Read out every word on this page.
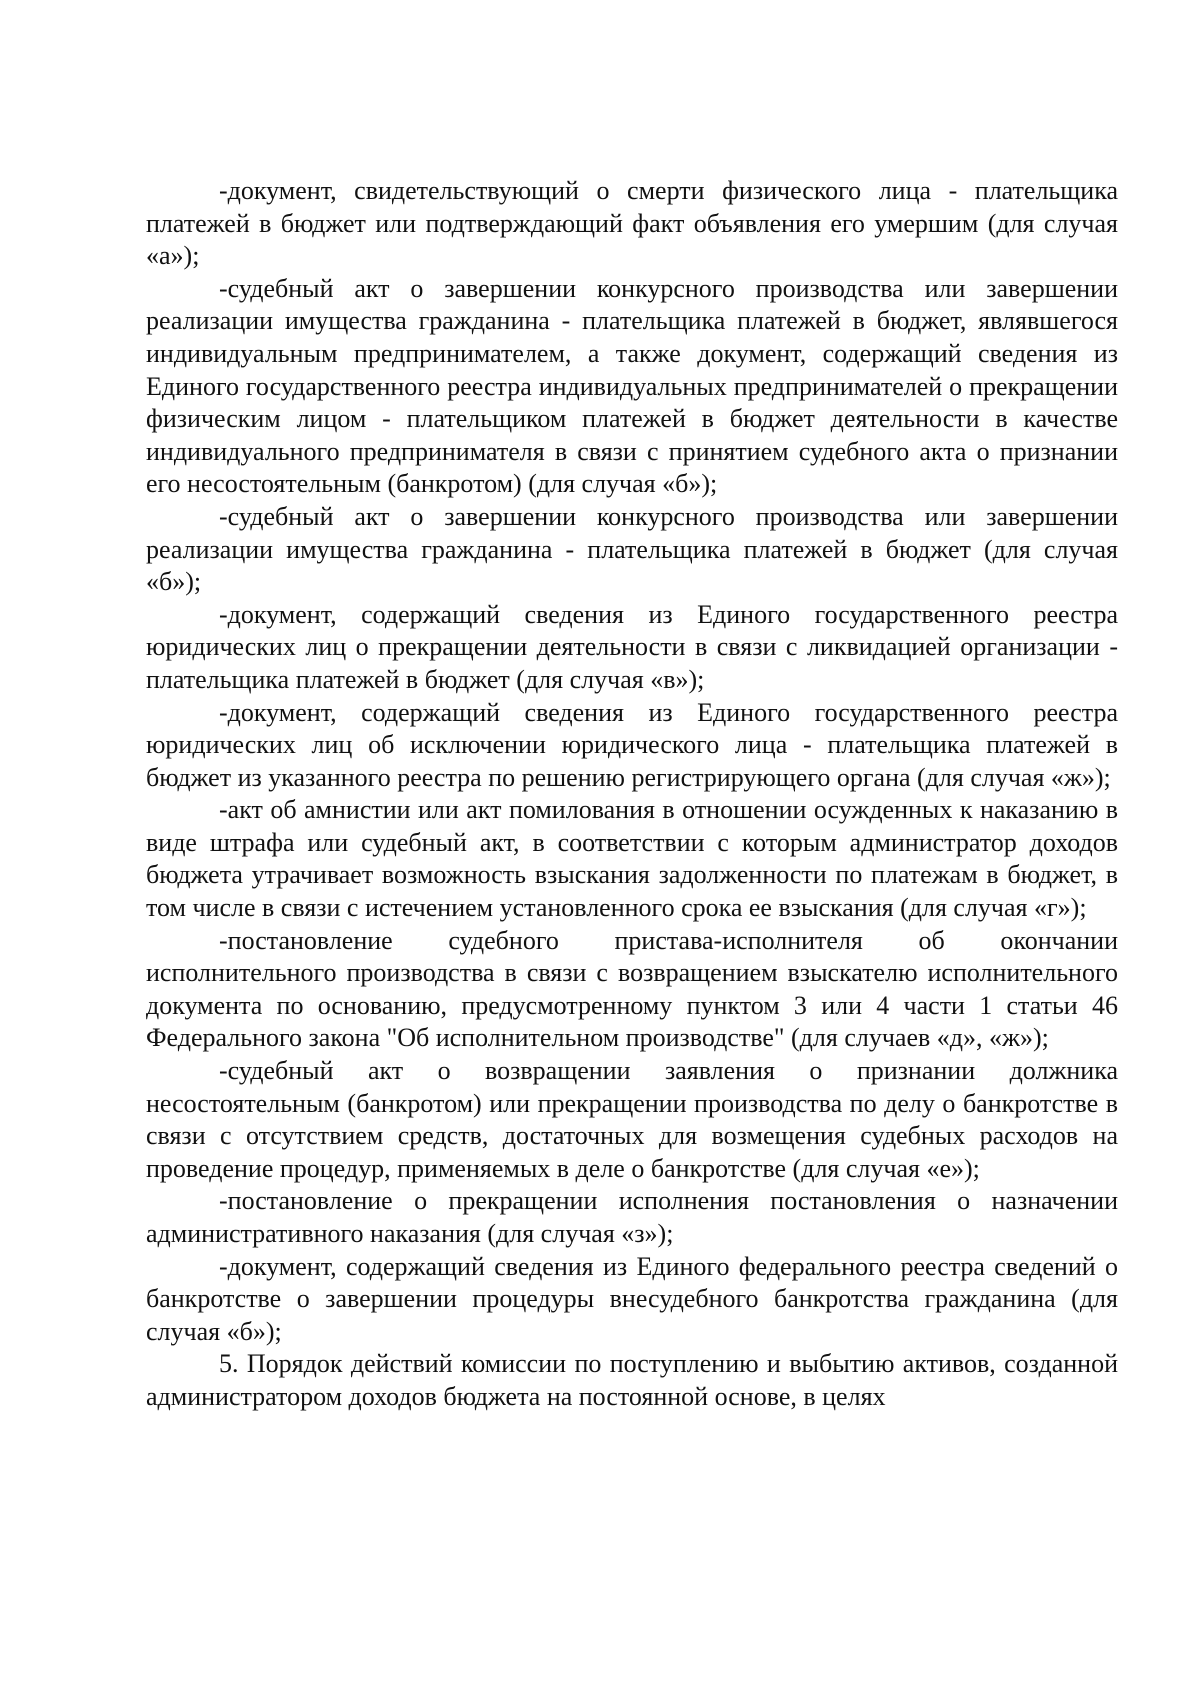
-документ, свидетельствующий о смерти физического лица - плательщика платежей в бюджет или подтверждающий факт объявления его умершим (для случая «а»);

-судебный акт о завершении конкурсного производства или завершении реализации имущества гражданина - плательщика платежей в бюджет, являвшегося индивидуальным предпринимателем, а также документ, содержащий сведения из Единого государственного реестра индивидуальных предпринимателей о прекращении физическим лицом - плательщиком платежей в бюджет деятельности в качестве индивидуального предпринимателя в связи с принятием судебного акта о признании его несостоятельным (банкротом) (для случая «б»);

-судебный акт о завершении конкурсного производства или завершении реализации имущества гражданина - плательщика платежей в бюджет (для случая «б»);

-документ, содержащий сведения из Единого государственного реестра юридических лиц о прекращении деятельности в связи с ликвидацией организации - плательщика платежей в бюджет (для случая «в»);

-документ, содержащий сведения из Единого государственного реестра юридических лиц об исключении юридического лица - плательщика платежей в бюджет из указанного реестра по решению регистрирующего органа (для случая «ж»);

-акт об амнистии или акт помилования в отношении осужденных к наказанию в виде штрафа или судебный акт, в соответствии с которым администратор доходов бюджета утрачивает возможность взыскания задолженности по платежам в бюджет, в том числе в связи с истечением установленного срока ее взыскания (для случая «г»);

-постановление судебного пристава-исполнителя об окончании исполнительного производства в связи с возвращением взыскателю исполнительного документа по основанию, предусмотренному пунктом 3 или 4 части 1 статьи 46 Федерального закона "Об исполнительном производстве" (для случаев «д», «ж»);

-судебный акт о возвращении заявления о признании должника несостоятельным (банкротом) или прекращении производства по делу о банкротстве в связи с отсутствием средств, достаточных для возмещения судебных расходов на проведение процедур, применяемых в деле о банкротстве (для случая «е»);

-постановление о прекращении исполнения постановления о назначении административного наказания (для случая «з»);

-документ, содержащий сведения из Единого федерального реестра сведений о банкротстве о завершении процедуры внесудебного банкротства гражданина (для случая «б»);

5. Порядок действий комиссии по поступлению и выбытию активов, созданной администратором доходов бюджета на постоянной основе, в целях
